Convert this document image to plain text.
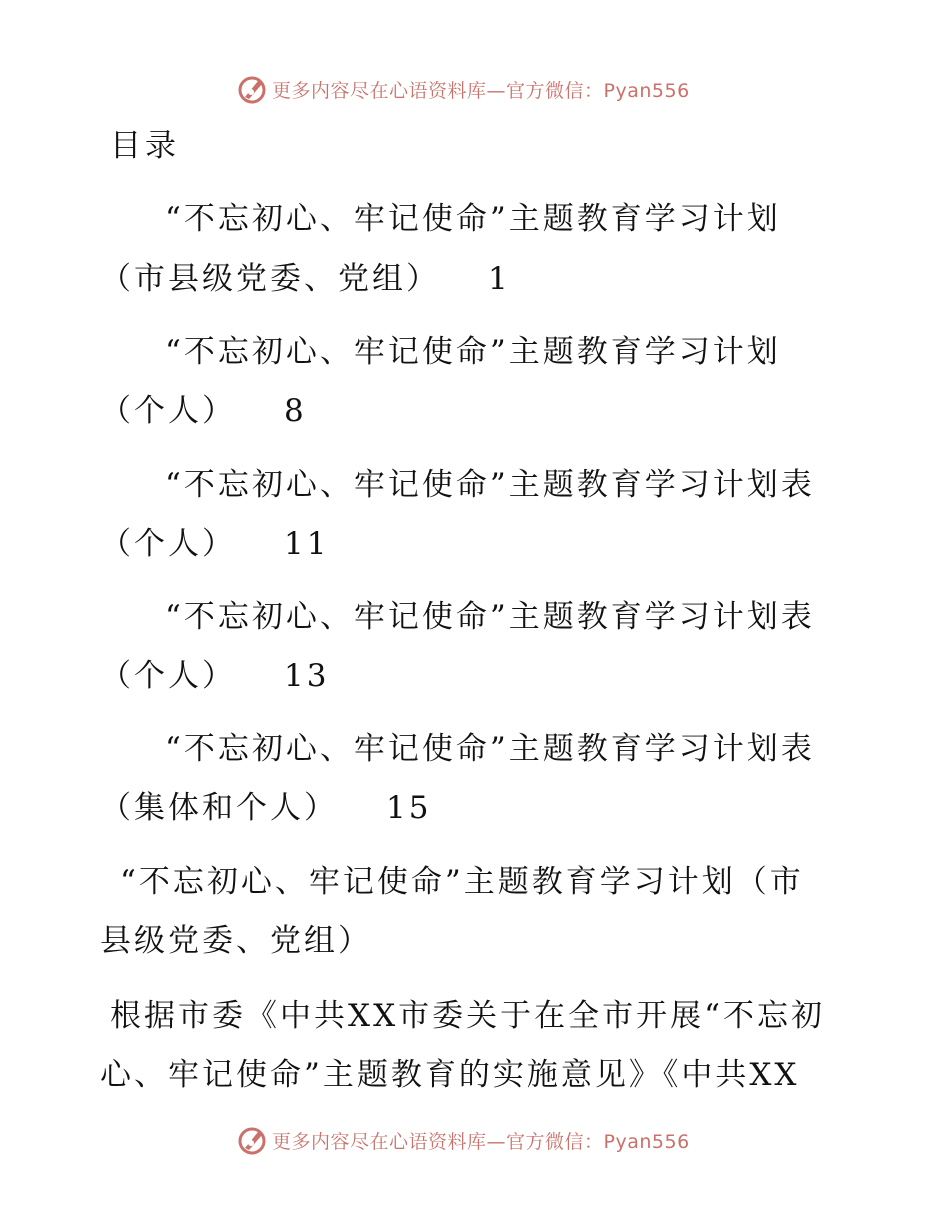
更多内容尽在心语资料库—官方微信：Pyan556
目录
“不忘初心、牢记使命”主题教育学习计划
（市县级党委、党组） 1
“不忘初心、牢记使命”主题教育学习计划
（个人） 8
“不忘初心、牢记使命”主题教育学习计划表
（个人） 11
“不忘初心、牢记使命”主题教育学习计划表
（个人） 13
“不忘初心、牢记使命”主题教育学习计划表
（集体和个人） 15
“不忘初心、牢记使命”主题教育学习计划（市
县级党委、党组）
根据市委《中共XX市委关于在全市开展“不忘初
心、牢记使命”主题教育的实施意见》《中共XX
更多内容尽在心语资料库—官方微信：Pyan556
